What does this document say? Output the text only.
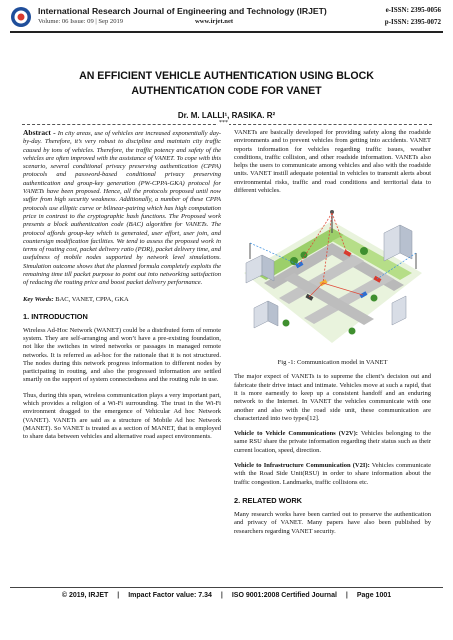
International Research Journal of Engineering and Technology (IRJET)
Volume: 06 Issue: 09 | Sep 2019	www.irjet.net
e-ISSN: 2395-0056
p-ISSN: 2395-0072
AN EFFICIENT VEHICLE AUTHENTICATION USING BLOCK
AUTHENTICATION CODE FOR VANET
Dr. M. LALLI¹, RASIKA. R²
***
Abstract - In city areas, use of vehicles are increased exponentially day-by-day. Therefore, it’s very robust to discipline and maintain city traffic caused by tons of vehicles. Therefore, the traffic potency and safety of the vehicles are often improved with the assistance of VANET. To cope with this scenario, several conditional privacy preserving authentication (CPPA) protocols and password-based conditional privacy preserving authentication and group-key generation (PW-CPPA-GKA) protocol for VANETs have been proposed. Hence, all the protocols proposed until now suffer from high security weakness. Additionally, a number of these CPPA protocols use elliptic curve or bilinear-pairing which has high computation price in contrast to the cryptographic hash functions. The Proposed work presents a block authentication code (BAC) algorithm for VANETs. The protocol affords group-key which is generated, user effort, user join, and countersign modification facilities. We tend to assess the proposed work in terms of routing cost, packet delivery ratio (PDR), packet delivery time, and usefulness of mobile nodes supported by network level simulations. Simulation outcome shows that the planned formula completely exploits the remaining time till packet purpose to point out into networking satisfaction of reducing the routing price and boost packet delivery performance.
Key Words: BAC, VANET, CPPA, GKA
1. INTRODUCTION
Wireless Ad-Hoc Network (WANET) could be a distributed form of remote system. They are self-arranging and won’t have a pre-existing foundation, not like the switches in wired networks or passages in managed remote networks. It is referred as ad-hoc for the rationale that it is not structured. The nodes during this network progress information to different nodes by participating in routing, and also the progressed information are settled smartly on the support of system connectedness and the routing rule in use.
Thus, during this span, wireless communication plays a very important part, which provides a religion of a Wi-Fi surrounding. The trust in the Wi-Fi environment dragged to the emergence of Vehicular Ad hoc Network (VANET). VANETs are said as a structure of Mobile Ad hoc Network (MANET). So VANET is treated as a section of MANET, that is employed to share data between vehicles and alternative road aspect environments.
VANETs are basically developed for providing safety along the roadside environments and to prevent vehicles from getting into accidents. VANET reports information for vehicles regarding traffic issues, weather conditions, traffic collision, and other roadside information. VANETs also helps the users to communicate among vehicles and also with the roadside units. VANET instill adequate potential in vehicles to transmit alerts about environmental risks, traffic and road conditions and territorial data to different vehicles.
Fig -1: Communication model in VANET
The major expect of VANETs is to supreme the client’s decision out and fabricate their drive intact and intimate. Vehicles move at such a rapid, that it is more earnestly to keep up a consistent handoff and an enduring network to the Internet. In VANET the vehicles communicate with one another and also with the road side unit, these communication are characterized into two types[12].
Vehicle to Vehicle Communications (V2V): Vehicles belonging to the same RSU share the private information regarding their status such as their current location, speed, direction.
Vehicle to Infrastructure Communication (V2I): Vehicles communicate with the Road Side Unit(RSU) in order to share information about the traffic congestion. Landmarks, traffic collisions etc.
2. RELATED WORK
Many research works have been carried out to preserve the authentication and privacy of VANET. Many papers have also been published by researchers regarding VANET security.
© 2019, IRJET | Impact Factor value: 7.34 | ISO 9001:2008 Certified Journal | Page 1001
